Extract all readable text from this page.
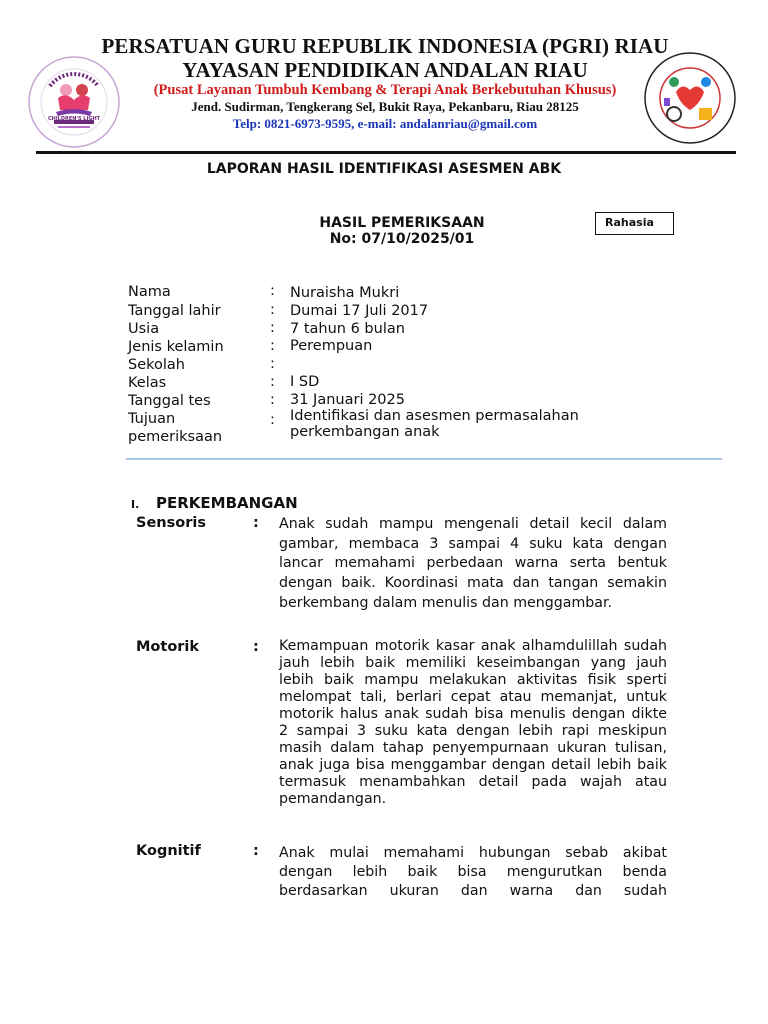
CHILDREN'S LIGHT
PERSATUAN GURU REPUBLIK INDONESIA (PGRI) RIAU
YAYASAN PENDIDIKAN ANDALAN RIAU
(Pusat Layanan Tumbuh Kembang & Terapi Anak Berkebutuhan Khusus)
Jend. Sudirman, Tengkerang Sel, Bukit Raya, Pekanbaru, Riau 28125
Telp: 0821-6973-9595, e-mail: andalanriau@gmail.com
LAPORAN HASIL IDENTIFIKASI ASESMEN ABK
HASIL PEMERIKSAAN
No: 07/10/2025/01
Rahasia
Nama	: Nuraisha Mukri
Tanggal lahir	: Dumai 17 Juli 2017
Usia	: 7 tahun 6 bulan
Jenis kelamin	: Perempuan
Sekolah	:
Kelas	: I SD
Tanggal tes	: 31 Januari 2025
Tujuan pemeriksaan
: Identifikasi dan asesmen permasalahan perkembangan anak
I. PERKEMBANGAN
Sensoris	: Anak sudah mampu mengenali detail kecil dalam gambar, membaca 3 sampai 4 suku kata dengan lancar memahami perbedaan warna serta bentuk dengan baik. Koordinasi mata dan tangan semakin berkembang dalam menulis dan menggambar.
Motorik	: Kemampuan motorik kasar anak alhamdulillah sudah jauh lebih baik memiliki keseimbangan yang jauh lebih baik mampu melakukan aktivitas fisik sperti melompat tali, berlari cepat atau memanjat, untuk motorik halus anak sudah bisa menulis dengan dikte 2 sampai 3 suku kata dengan lebih rapi meskipun masih dalam tahap penyempurnaan ukuran tulisan, anak juga bisa menggambar dengan detail lebih baik termasuk menambahkan detail pada wajah atau pemandangan.
Kognitif	: Anak mulai memahami hubungan sebab akibat dengan lebih baik bisa mengurutkan benda berdasarkan ukuran dan warna dan sudah
